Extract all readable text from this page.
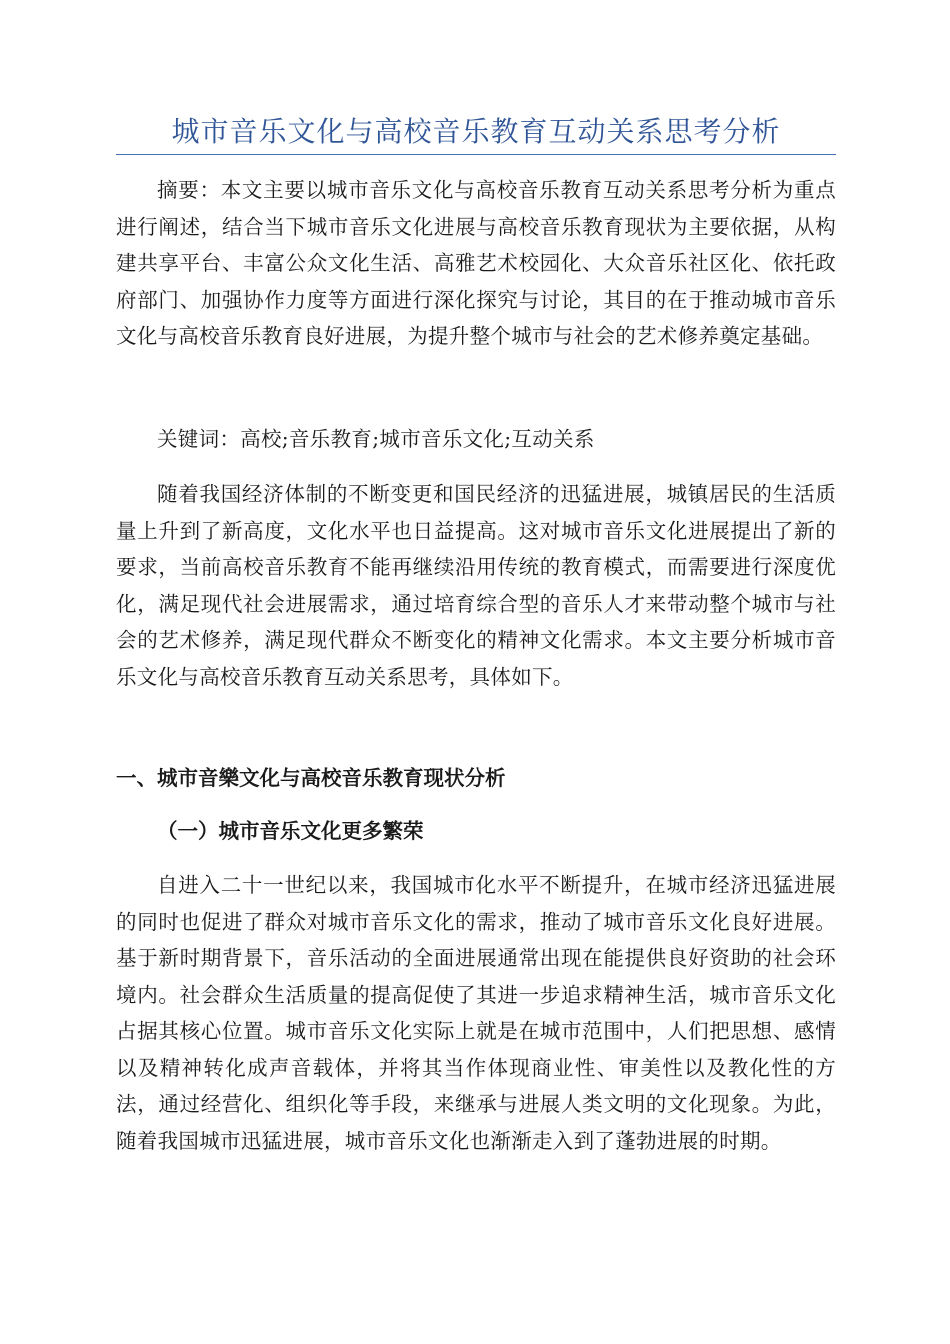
城市音乐文化与高校音乐教育互动关系思考分析

摘要：本文主要以城市音乐文化与高校音乐教育互动关系思考分析为重点进行阐述，结合当下城市音乐文化进展与高校音乐教育现状为主要依据，从构建共享平台、丰富公众文化生活、高雅艺术校园化、大众音乐社区化、依托政府部门、加强协作力度等方面进行深化探究与讨论，其目的在于推动城市音乐文化与高校音乐教育良好进展，为提升整个城市与社会的艺术修养奠定基础。

关键词：高校;音乐教育;城市音乐文化;互动关系

随着我国经济体制的不断变更和国民经济的迅猛进展，城镇居民的生活质量上升到了新高度，文化水平也日益提高。这对城市音乐文化进展提出了新的要求，当前高校音乐教育不能再继续沿用传统的教育模式，而需要进行深度优化，满足现代社会进展需求，通过培育综合型的音乐人才来带动整个城市与社会的艺术修养，满足现代群众不断变化的精神文化需求。本文主要分析城市音乐文化与高校音乐教育互动关系思考，具体如下。

一、城市音樂文化与高校音乐教育现状分析
（一）城市音乐文化更多繁荣

自进入二十一世纪以来，我国城市化水平不断提升，在城市经济迅猛进展的同时也促进了群众对城市音乐文化的需求，推动了城市音乐文化良好进展。基于新时期背景下，音乐活动的全面进展通常出现在能提供良好资助的社会环境内。社会群众生活质量的提高促使了其进一步追求精神生活，城市音乐文化占据其核心位置。城市音乐文化实际上就是在城市范围中，人们把思想、感情以及精神转化成声音载体，并将其当作体现商业性、审美性以及教化性的方法，通过经营化、组织化等手段，来继承与进展人类文明的文化现象。为此，随着我国城市迅猛进展，城市音乐文化也渐渐走入到了蓬勃进展的时期。
